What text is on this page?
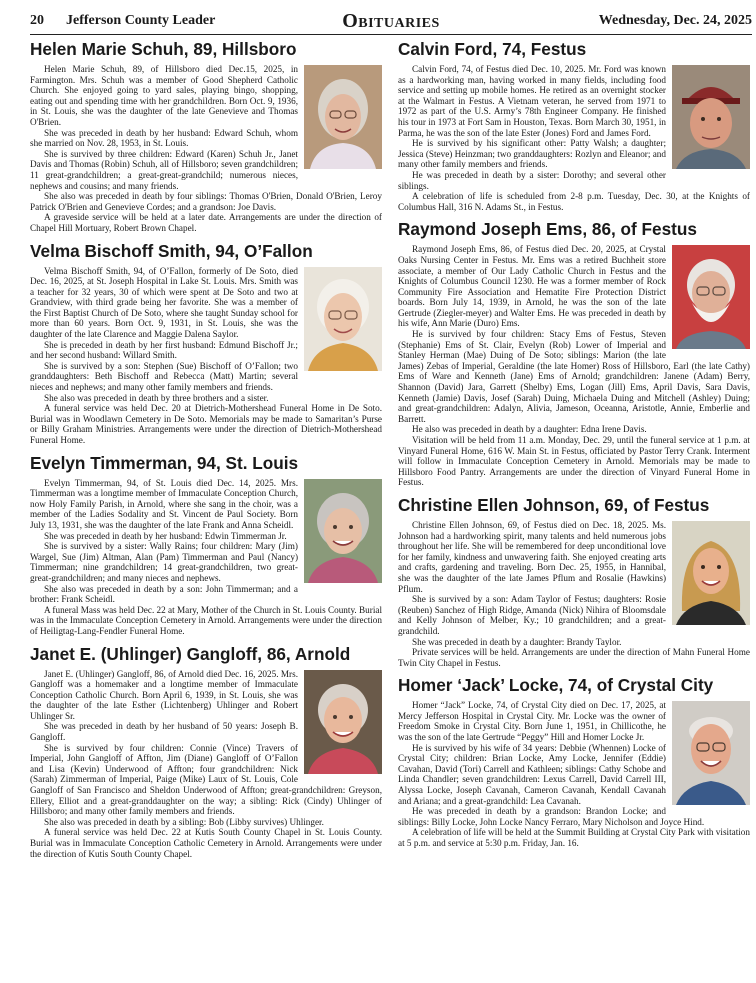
20 Jefferson County Leader	Obituaries	Wednesday, Dec. 24, 2025
Helen Marie Schuh, 89, Hillsboro

Helen Marie Schuh, 89, of Hillsboro died Dec.15, 2025, in Farmington. Mrs. Schuh was a member of Good Shepherd Catholic Church. She enjoyed going to yard sales, playing bingo, shopping, eating out and spending time with her grandchildren. Born Oct. 9, 1936, in St. Louis, she was the daughter of the late Genevieve and Thomas O'Brien.

She was preceded in death by her husband: Edward Schuh, whom she married on Nov. 28, 1953, in St. Louis.

She is survived by three children: Edward (Karen) Schuh Jr., Janet Davis and Thomas (Robin) Schuh, all of Hillsboro; seven grandchildren; 11 great-grandchildren; a great-great-grandchild; numerous nieces, nephews and cousins; and many friends.

She also was preceded in death by four siblings: Thomas O'Brien, Donald O'Brien, Leroy Patrick O'Brien and Genevieve Cordes; and a grandson: Joe Davis.

A graveside service will be held at a later date. Arrangements are under the direction of Chapel Hill Mortuary, Robert Brown Chapel.

Velma Bischoff Smith, 94, O’Fallon

Velma Bischoff Smith, 94, of O’Fallon, formerly of De Soto, died Dec. 16, 2025, at St. Joseph Hospital in Lake St. Louis. Mrs. Smith was a teacher for 32 years, 30 of which were spent at De Soto and two at Grandview, with third grade being her favorite. She was a member of the First Baptist Church of De Soto, where she taught Sunday school for more than 60 years. Born Oct. 9, 1931, in St. Louis, she was the daughter of the late Clarence and Maggie Dalena Saylor.

She is preceded in death by her first husband: Edmund Bischoff Jr.; and her second husband: Willard Smith.

She is survived by a son: Stephen (Sue) Bischoff of O’Fallon; two granddaughters: Beth Bischoff and Rebecca (Matt) Martin; several nieces and nephews; and many other family members and friends.

She also was preceded in death by three brothers and a sister.

A funeral service was held Dec. 20 at Dietrich-Mothershead Funeral Home in De Soto. Burial was in Woodlawn Cemetery in De Soto. Memorials may be made to Samaritan’s Purse or Billy Graham Ministries. Arrangements were under the direction of Dietrich-Mothershead Funeral Home.

Evelyn Timmerman, 94, St. Louis

Evelyn Timmerman, 94, of St. Louis died Dec. 14, 2025. Mrs. Timmerman was a longtime member of Immaculate Conception Church, now Holy Family Parish, in Arnold, where she sang in the choir, was a member of the Ladies Sodality and St. Vincent de Paul Society. Born July 13, 1931, she was the daughter of the late Frank and Anna Scheidl.

She was preceded in death by her husband: Edwin Timmerman Jr.

She is survived by a sister: Wally Rains; four children: Mary (Jim) Wargel, Sue (Jim) Altman, Alan (Pam) Timmerman and Paul (Nancy) Timmerman; nine grandchildren; 14 great-grandchildren, two great-great-grandchildren; and many nieces and nephews.

She also was preceded in death by a son: John Timmerman; and a brother: Frank Scheidl.

A funeral Mass was held Dec. 22 at Mary, Mother of the Church in St. Louis County. Burial was in the Immaculate Conception Cemetery in Arnold. Arrangements were under the direction of Heiligtag-Lang-Fendler Funeral Home.

Janet E. (Uhlinger) Gangloff, 86, Arnold

Janet E. (Uhlinger) Gangloff, 86, of Arnold died Dec. 16, 2025. Mrs. Gangloff was a homemaker and a longtime member of Immaculate Conception Catholic Church. Born April 6, 1939, in St. Louis, she was the daughter of the late Esther (Lichtenberg) Uhlinger and Robert Uhlinger Sr.

She was preceded in death by her husband of 50 years: Joseph B. Gangloff.

She is survived by four children: Connie (Vince) Travers of Imperial, John Gangloff of Affton, Jim (Diane) Gangloff of O’Fallon and Lisa (Kevin) Underwood of Affton; four grandchildren: Nick (Sarah) Zimmerman of Imperial, Paige (Mike) Laux of St. Louis, Cole Gangloff of San Francisco and Sheldon Underwood of Affton; great-grandchildren: Greyson, Ellery, Elliot and a great-granddaughter on the way; a sibling: Rick (Cindy) Uhlinger of Hillsboro; and many other family members and friends.

She also was preceded in death by a sibling: Bob (Libby survives) Uhlinger.

A funeral service was held Dec. 22 at Kutis South County Chapel in St. Louis County. Burial was in Immaculate Conception Catholic Cemetery in Arnold. Arrangements were under the direction of Kutis South County Chapel.

Calvin Ford, 74, Festus

Calvin Ford, 74, of Festus died Dec. 10, 2025. Mr. Ford was known as a hardworking man, having worked in many fields, including food service and setting up mobile homes. He retired as an overnight stocker at the Walmart in Festus. A Vietnam veteran, he served from 1971 to 1972 as part of the U.S. Army’s 78th Engineer Company. He finished his tour in 1973 at Fort Sam in Houston, Texas. Born March 30, 1951, in Parma, he was the son of the late Ester (Jones) Ford and James Ford.

He is survived by his significant other: Patty Walsh; a daughter; Jessica (Steve) Heinzman; two granddaughters: Rozlyn and Eleanor; and many other family members and friends.

He was preceded in death by a sister: Dorothy; and several other siblings.

A celebration of life is scheduled from 2-8 p.m. Tuesday, Dec. 30, at the Knights of Columbus Hall, 316 N. Adams St., in Festus.

Raymond Joseph Ems, 86, of Festus

Raymond Joseph Ems, 86, of Festus died Dec. 20, 2025, at Crystal Oaks Nursing Center in Festus. Mr. Ems was a retired Buchheit store associate, a member of Our Lady Catholic Church in Festus and the Knights of Columbus Council 1230. He was a former member of Rock Community Fire Association and Hematite Fire Protection District boards. Born July 14, 1939, in Arnold, he was the son of the late Gertrude (Ziegler-meyer) and Walter Ems. He was preceded in death by his wife, Ann Marie (Duro) Ems.

He is survived by four children: Stacy Ems of Festus, Steven (Stephanie) Ems of St. Clair, Evelyn (Rob) Lower of Imperial and Stanley Herman (Mae) Duing of De Soto; siblings: Marion (the late James) Zebas of Imperial, Geraldine (the late Homer) Ross of Hillsboro, Earl (the late Cathy) Ems of Ware and Kenneth (Jane) Ems of Arnold; grandchildren: Janene (Adam) Berry, Shannon (David) Jara, Garrett (Shelby) Ems, Logan (Jill) Ems, April Davis, Sara Davis, Kenneth (Jamie) Davis, Josef (Sarah) Duing, Michaela Duing and Mitchell (Ashley) Duing; and great-grandchildren: Adalyn, Alivia, Jameson, Oceanna, Aristotle, Annie, Emberlie and Barrett.

He also was preceded in death by a daughter: Edna Irene Davis.

Visitation will be held from 11 a.m. Monday, Dec. 29, until the funeral service at 1 p.m. at Vinyard Funeral Home, 616 W. Main St. in Festus, officiated by Pastor Terry Crank. Interment will follow in Immaculate Conception Cemetery in Arnold. Memorials may be made to Hillsboro Food Pantry. Arrangements are under the direction of Vinyard Funeral Home in Festus.

Christine Ellen Johnson, 69, of Festus

Christine Ellen Johnson, 69, of Festus died on Dec. 18, 2025. Ms. Johnson had a hardworking spirit, many talents and held numerous jobs throughout her life. She will be remembered for deep unconditional love for her family, kindness and unwavering faith. She enjoyed creating arts and crafts, gardening and traveling. Born Dec. 25, 1955, in Hannibal, she was the daughter of the late James Pflum and Rosalie (Hawkins) Pflum.

She is survived by a son: Adam Taylor of Festus; daughters: Rosie (Reuben) Sanchez of High Ridge, Amanda (Nick) Nihira of Bloomsdale and Kelly Johnson of Melber, Ky.; 10 grandchildren; and a great-grandchild.

She was preceded in death by a daughter: Brandy Taylor.

Private services will be held. Arrangements are under the direction of Mahn Funeral Home Twin City Chapel in Festus.

Homer ‘Jack’ Locke, 74, of Crystal City

Homer “Jack” Locke, 74, of Crystal City died on Dec. 17, 2025, at Mercy Jefferson Hospital in Crystal City. Mr. Locke was the owner of Freedom Smoke in Crystal City. Born June 1, 1951, in Chillicothe, he was the son of the late Gertrude “Peggy” Hill and Homer Locke Jr.

He is survived by his wife of 34 years: Debbie (Whennen) Locke of Crystal City; children: Brian Locke, Amy Locke, Jennifer (Eddie) Cavahan, David (Tori) Carrell and Kathleen; siblings: Cathy Schobe and Linda Chandler; seven grandchildren: Lexus Carrell, David Carrell III, Alyssa Locke, Joseph Cavanah, Cameron Cavanah, Kendall Cavanah and Ariana; and a great-grandchild: Lea Cavanah.

He was preceded in death by a grandson: Brandon Locke; and siblings: Billy Locke, John Locke Nancy Ferraro, Mary Nicholson and Joyce Hind.

A celebration of life will be held at the Summit Building at Crystal City Park with visitation at 5 p.m. and service at 5:30 p.m. Friday, Jan. 16.
